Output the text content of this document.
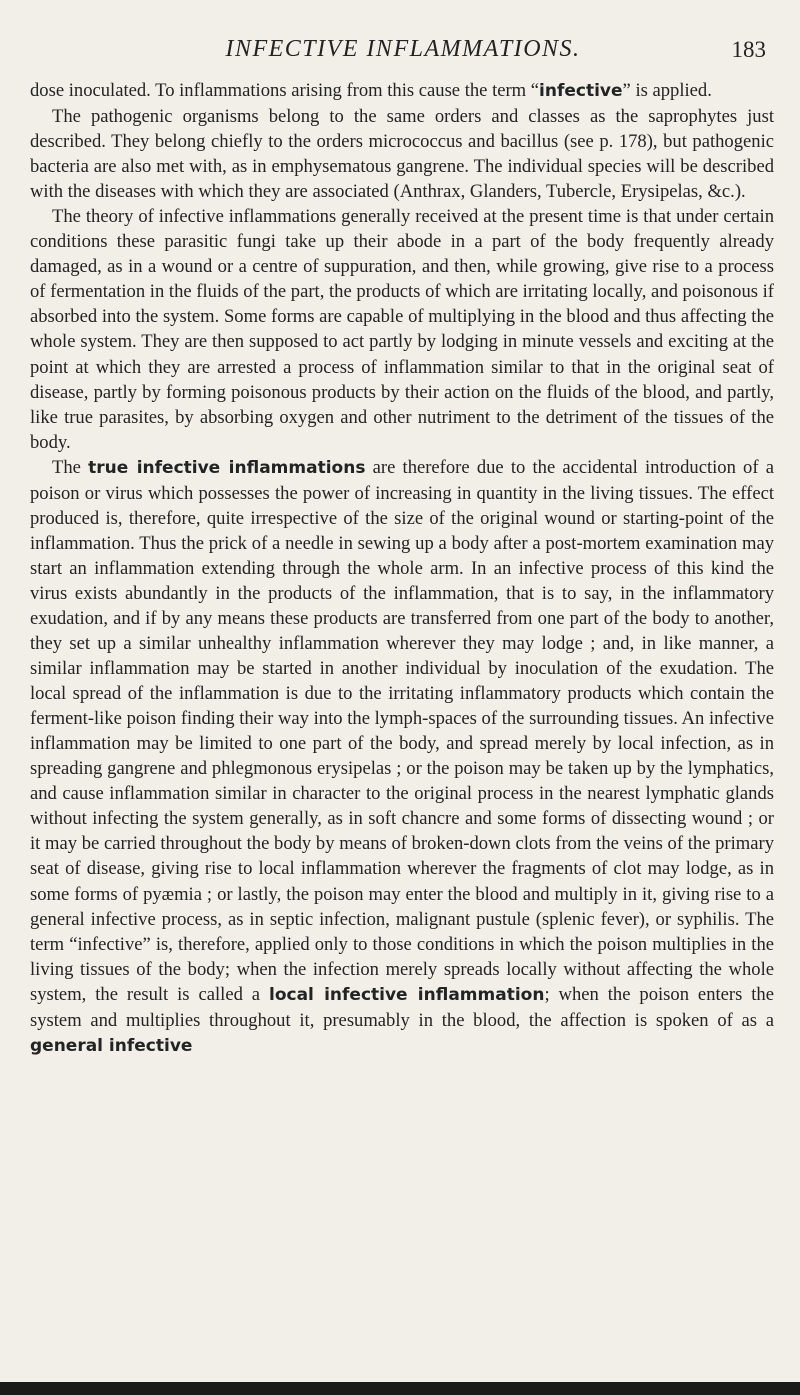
INFECTIVE INFLAMMATIONS.	183

dose inoculated. To inflammations arising from this cause the term “infective” is applied.

The pathogenic organisms belong to the same orders and classes as the saprophytes just described. They belong chiefly to the orders micrococcus and bacillus (see p. 178), but pathogenic bacteria are also met with, as in emphysematous gangrene. The individual species will be described with the diseases with which they are associated (Anthrax, Glanders, Tubercle, Erysipelas, &c.).

The theory of infective inflammations generally received at the present time is that under certain conditions these parasitic fungi take up their abode in a part of the body frequently already damaged, as in a wound or a centre of suppuration, and then, while growing, give rise to a process of fermentation in the fluids of the part, the products of which are irritating locally, and poisonous if absorbed into the system. Some forms are capable of multiplying in the blood and thus affecting the whole system. They are then supposed to act partly by lodging in minute vessels and exciting at the point at which they are arrested a process of inflammation similar to that in the original seat of disease, partly by forming poisonous products by their action on the fluids of the blood, and partly, like true parasites, by absorbing oxygen and other nutriment to the detriment of the tissues of the body.

The true infective inflammations are therefore due to the accidental introduction of a poison or virus which possesses the power of increasing in quantity in the living tissues. The effect produced is, therefore, quite irrespective of the size of the original wound or starting-point of the inflammation. Thus the prick of a needle in sewing up a body after a post-mortem examination may start an inflammation extending through the whole arm. In an infective process of this kind the virus exists abundantly in the products of the inflammation, that is to say, in the inflammatory exudation, and if by any means these products are transferred from one part of the body to another, they set up a similar unhealthy inflammation wherever they may lodge ; and, in like manner, a similar inflammation may be started in another individual by inoculation of the exudation. The local spread of the inflammation is due to the irritating inflammatory products which contain the ferment-like poison finding their way into the lymph-spaces of the surrounding tissues. An infective inflammation may be limited to one part of the body, and spread merely by local infection, as in spreading gangrene and phlegmonous erysipelas ; or the poison may be taken up by the lymphatics, and cause inflammation similar in character to the original process in the nearest lymphatic glands without infecting the system generally, as in soft chancre and some forms of dissecting wound ; or it may be carried throughout the body by means of broken-down clots from the veins of the primary seat of disease, giving rise to local inflammation wherever the fragments of clot may lodge, as in some forms of pyæmia ; or lastly, the poison may enter the blood and multiply in it, giving rise to a general infective process, as in septic infection, malignant pustule (splenic fever), or syphilis. The term “infective” is, therefore, applied only to those conditions in which the poison multiplies in the living tissues of the body; when the infection merely spreads locally without affecting the whole system, the result is called a local infective inflammation; when the poison enters the system and multiplies throughout it, presumably in the blood, the affection is spoken of as a general infective
